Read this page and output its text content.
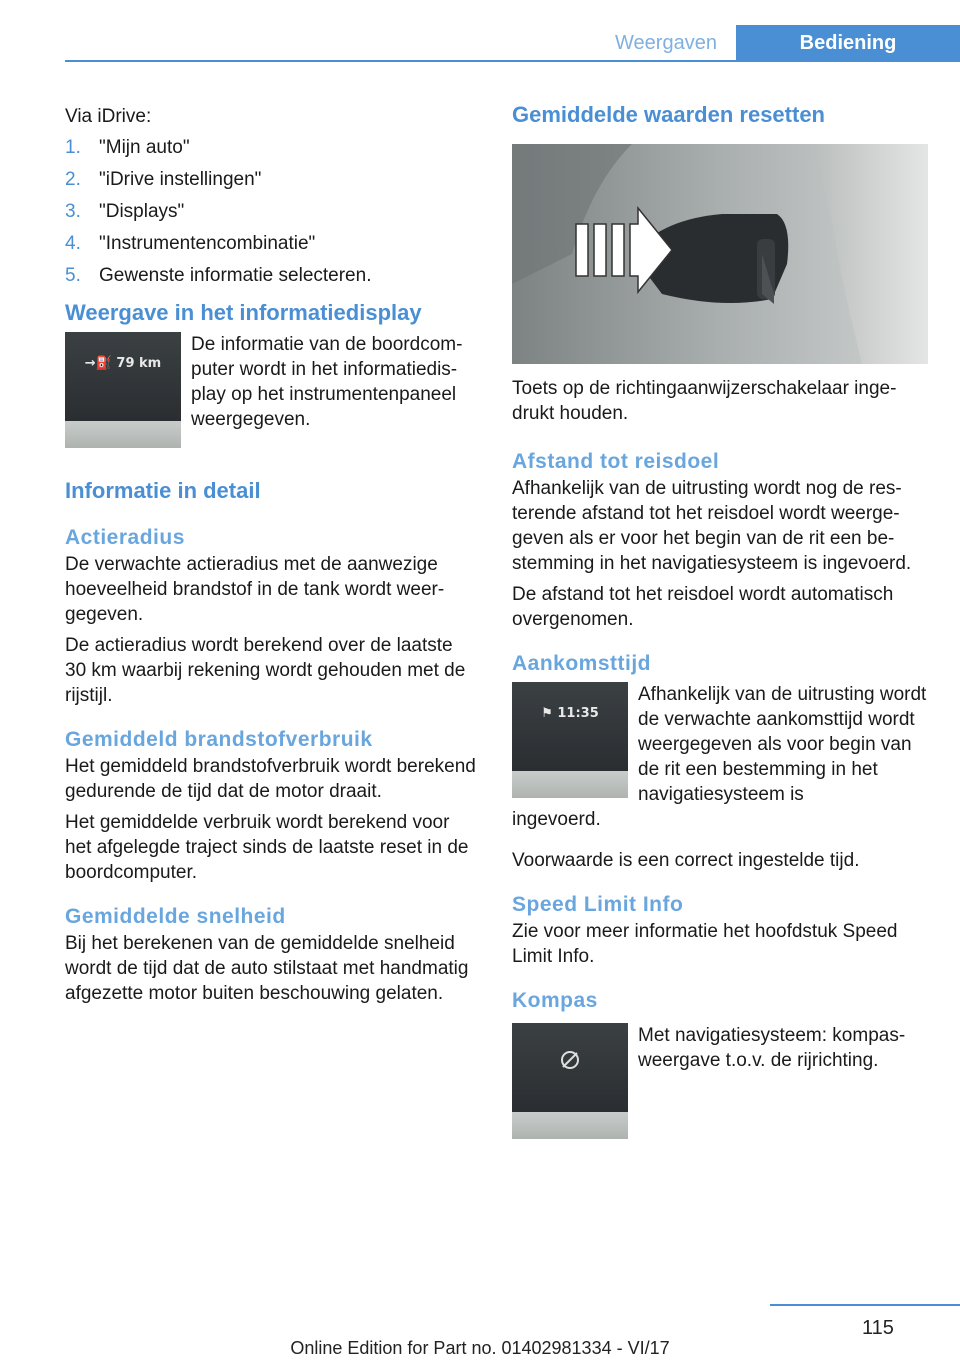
Weergaven	Bediening

Via iDrive:

1. "Mijn auto"
2. "iDrive instellingen"
3. "Displays"
4. "Instrumentencombinatie"
5. Gewenste informatie selecteren.
Weergave in het informatiedisplay
→⛽ 79 km

De informatie van de boordcomputer wordt in het informatiedisplay op het instrumentenpaneel weergegeven.

Informatie in detail
Actieradius

De verwachte actieradius met de aanwezige hoeveelheid brandstof in de tank wordt weergegeven.

De actieradius wordt berekend over de laatste 30 km waarbij rekening wordt gehouden met de rijstijl.

Gemiddeld brandstofverbruik

Het gemiddeld brandstofverbruik wordt berekend gedurende de tijd dat de motor draait.

Het gemiddelde verbruik wordt berekend voor het afgelegde traject sinds de laatste reset in de boordcomputer.

Gemiddelde snelheid

Bij het berekenen van de gemiddelde snelheid wordt de tijd dat de auto stilstaat met handmatig afgezette motor buiten beschouwing gelaten.

Gemiddelde waarden resetten

Toets op de richtingaanwijzerschakelaar ingedrukt houden.

Afstand tot reisdoel

Afhankelijk van de uitrusting wordt nog de resterende afstand tot het reisdoel wordt weergegeven als er voor het begin van de rit een bestemming in het navigatiesysteem is ingevoerd.

De afstand tot het reisdoel wordt automatisch overgenomen.

Aankomsttijd
⚑ 11:35

Afhankelijk van de uitrusting wordt de verwachte aankomsttijd wordt weergegeven als voor begin van de rit een bestemming in het navigatiesysteem is

ingevoerd.

Voorwaarde is een correct ingestelde tijd.

Speed Limit Info

Zie voor meer informatie het hoofdstuk Speed Limit Info.

Kompas

Met navigatiesysteem: kompasweergave t.o.v. de rijrichting.

115
Online Edition for Part no. 01402981334 - VI/17
